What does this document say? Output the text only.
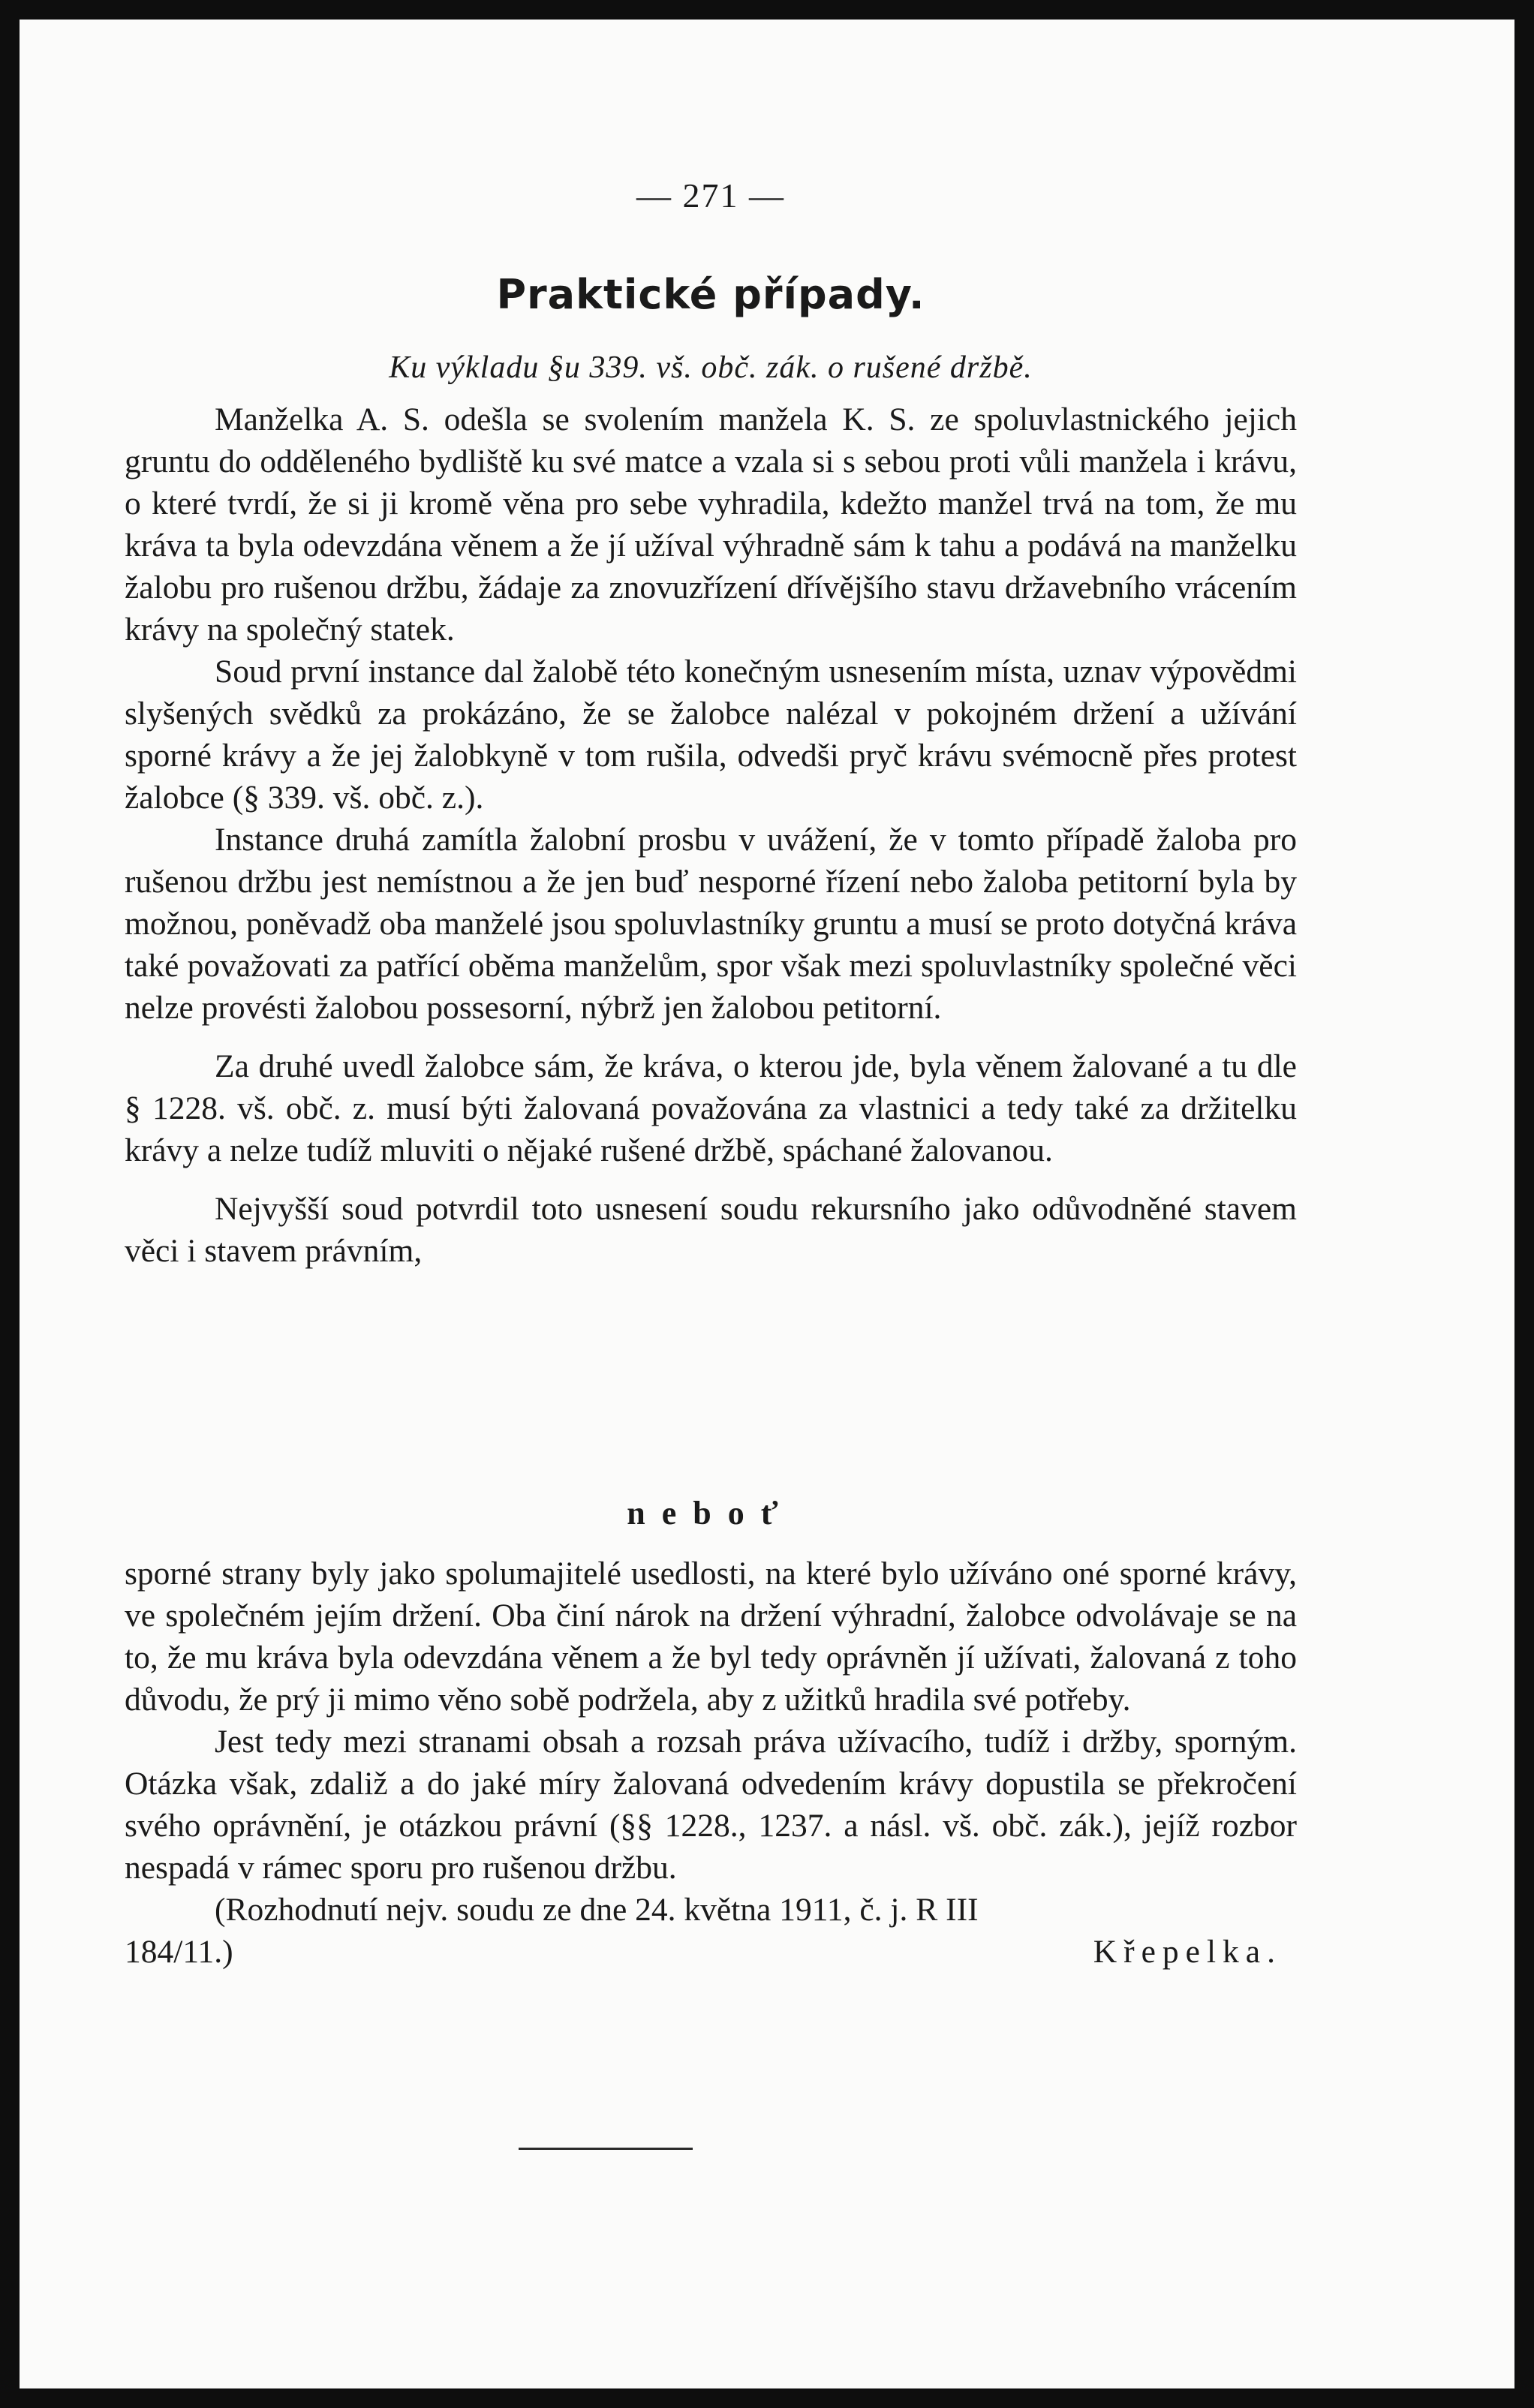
— 271 —
Praktické případy.
Ku výkladu §u 339. vš. obč. zák. o rušené držbě.

Manželka A. S. odešla se svolením manžela K. S. ze spoluvlastnického jejich gruntu do odděleného bydliště ku své matce a vzala si s sebou proti vůli manžela i krávu, o které tvrdí, že si ji kromě věna pro sebe vyhradila, kdežto manžel trvá na tom, že mu kráva ta byla odevzdána věnem a že jí užíval výhradně sám k tahu a podává na manželku žalobu pro rušenou držbu, žádaje za znovuzřízení dřívějšího stavu državebního vrácením krávy na společný statek.

Soud první instance dal žalobě této konečným usnesením místa, uznav výpovědmi slyšených svědků za prokázáno, že se žalobce nalézal v pokojném držení a užívání sporné krávy a že jej žalobkyně v tom rušila, odvedši pryč krávu svémocně přes protest žalobce (§ 339. vš. obč. z.).

Instance druhá zamítla žalobní prosbu v uvážení, že v tomto případě žaloba pro rušenou držbu jest nemístnou a že jen buď nesporné řízení nebo žaloba petitorní byla by možnou, poněvadž oba manželé jsou spoluvlastníky gruntu a musí se proto dotyčná kráva také považovati za patřící oběma manželům, spor však mezi spoluvlastníky společné věci nelze provésti žalobou possesorní, nýbrž jen žalobou petitorní.

Za druhé uvedl žalobce sám, že kráva, o kterou jde, byla věnem žalované a tu dle § 1228. vš. obč. z. musí býti žalovaná považována za vlastnici a tedy také za držitelku krávy a nelze tudíž mluviti o nějaké rušené držbě, spáchané žalovanou.

Nejvyšší soud potvrdil toto usnesení soudu rekursního jako odůvodněné stavem věci i stavem právním,

neboť

sporné strany byly jako spolumajitelé usedlosti, na které bylo užíváno oné sporné krávy, ve společném jejím držení. Oba činí nárok na držení výhradní, žalobce odvolávaje se na to, že mu kráva byla odevzdána věnem a že byl tedy oprávněn jí užívati, žalovaná z toho důvodu, že prý ji mimo věno sobě podržela, aby z užitků hradila své potřeby.

Jest tedy mezi stranami obsah a rozsah práva užívacího, tudíž i držby, sporným. Otázka však, zdaliž a do jaké míry žalovaná odvedením krávy dopustila se překročení svého oprávnění, je otázkou právní (§§ 1228., 1237. a násl. vš. obč. zák.), jejíž rozbor nespadá v rámec sporu pro rušenou držbu.

(Rozhodnutí nejv. soudu ze dne 24. května 1911, č. j. R III

184/11.)	Křepelka.
